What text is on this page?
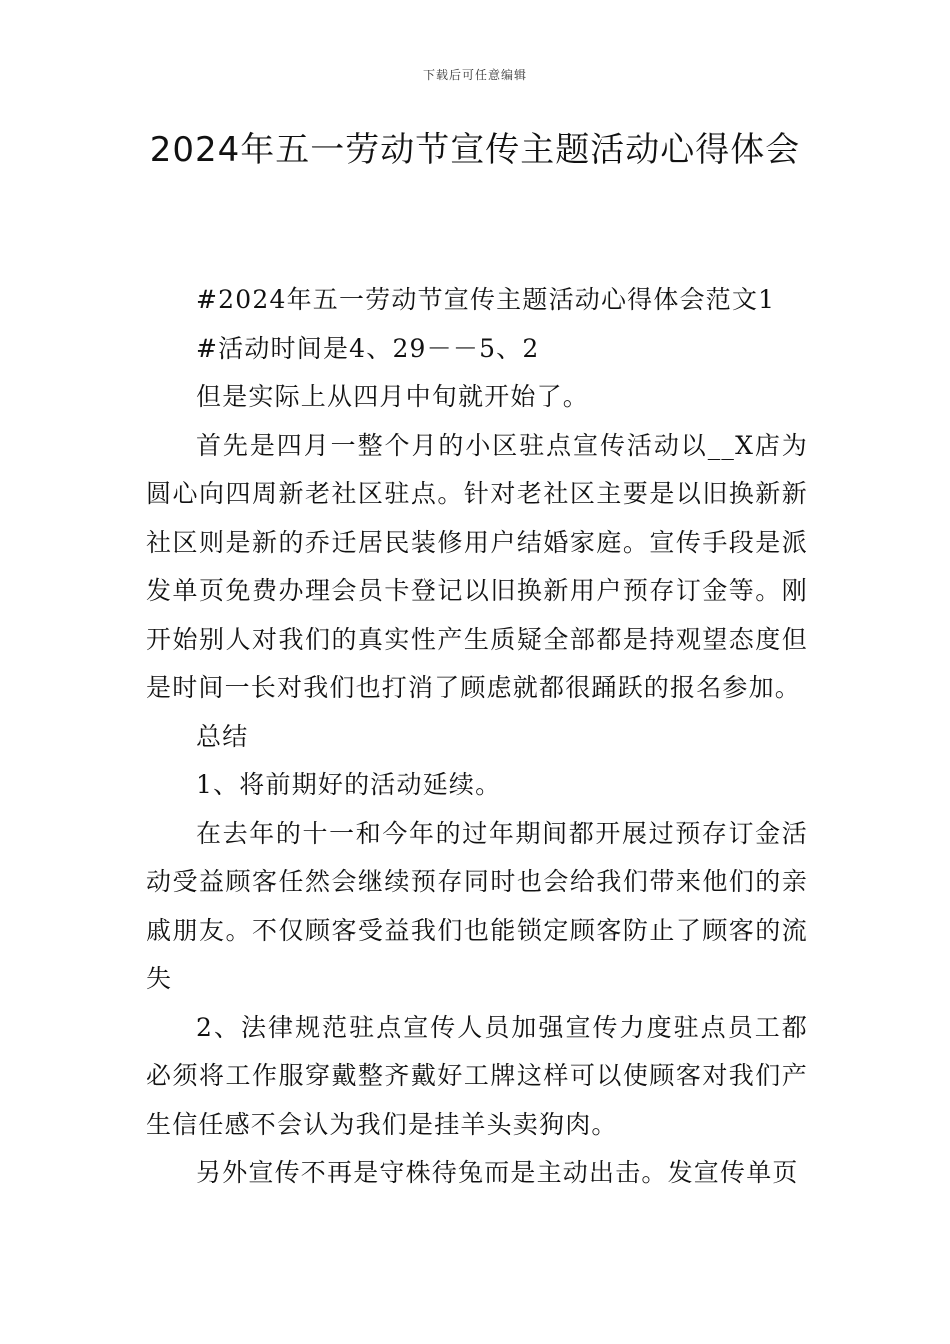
下载后可任意编辑
2024年五一劳动节宣传主题活动心得体会

#2024年五一劳动节宣传主题活动心得体会范文1

#活动时间是4、29－－5、2

但是实际上从四月中旬就开始了。

首先是四月一整个月的小区驻点宣传活动以__X店为圆心向四周新老社区驻点。针对老社区主要是以旧换新新社区则是新的乔迁居民装修用户结婚家庭。宣传手段是派发单页免费办理会员卡登记以旧换新用户预存订金等。刚开始别人对我们的真实性产生质疑全部都是持观望态度但是时间一长对我们也打消了顾虑就都很踊跃的报名参加。

总结

1、将前期好的活动延续。

在去年的十一和今年的过年期间都开展过预存订金活动受益顾客任然会继续预存同时也会给我们带来他们的亲戚朋友。不仅顾客受益我们也能锁定顾客防止了顾客的流失

2、法律规范驻点宣传人员加强宣传力度驻点员工都必须将工作服穿戴整齐戴好工牌这样可以使顾客对我们产生信任感不会认为我们是挂羊头卖狗肉。

另外宣传不再是守株待兔而是主动出击。发宣传单页
